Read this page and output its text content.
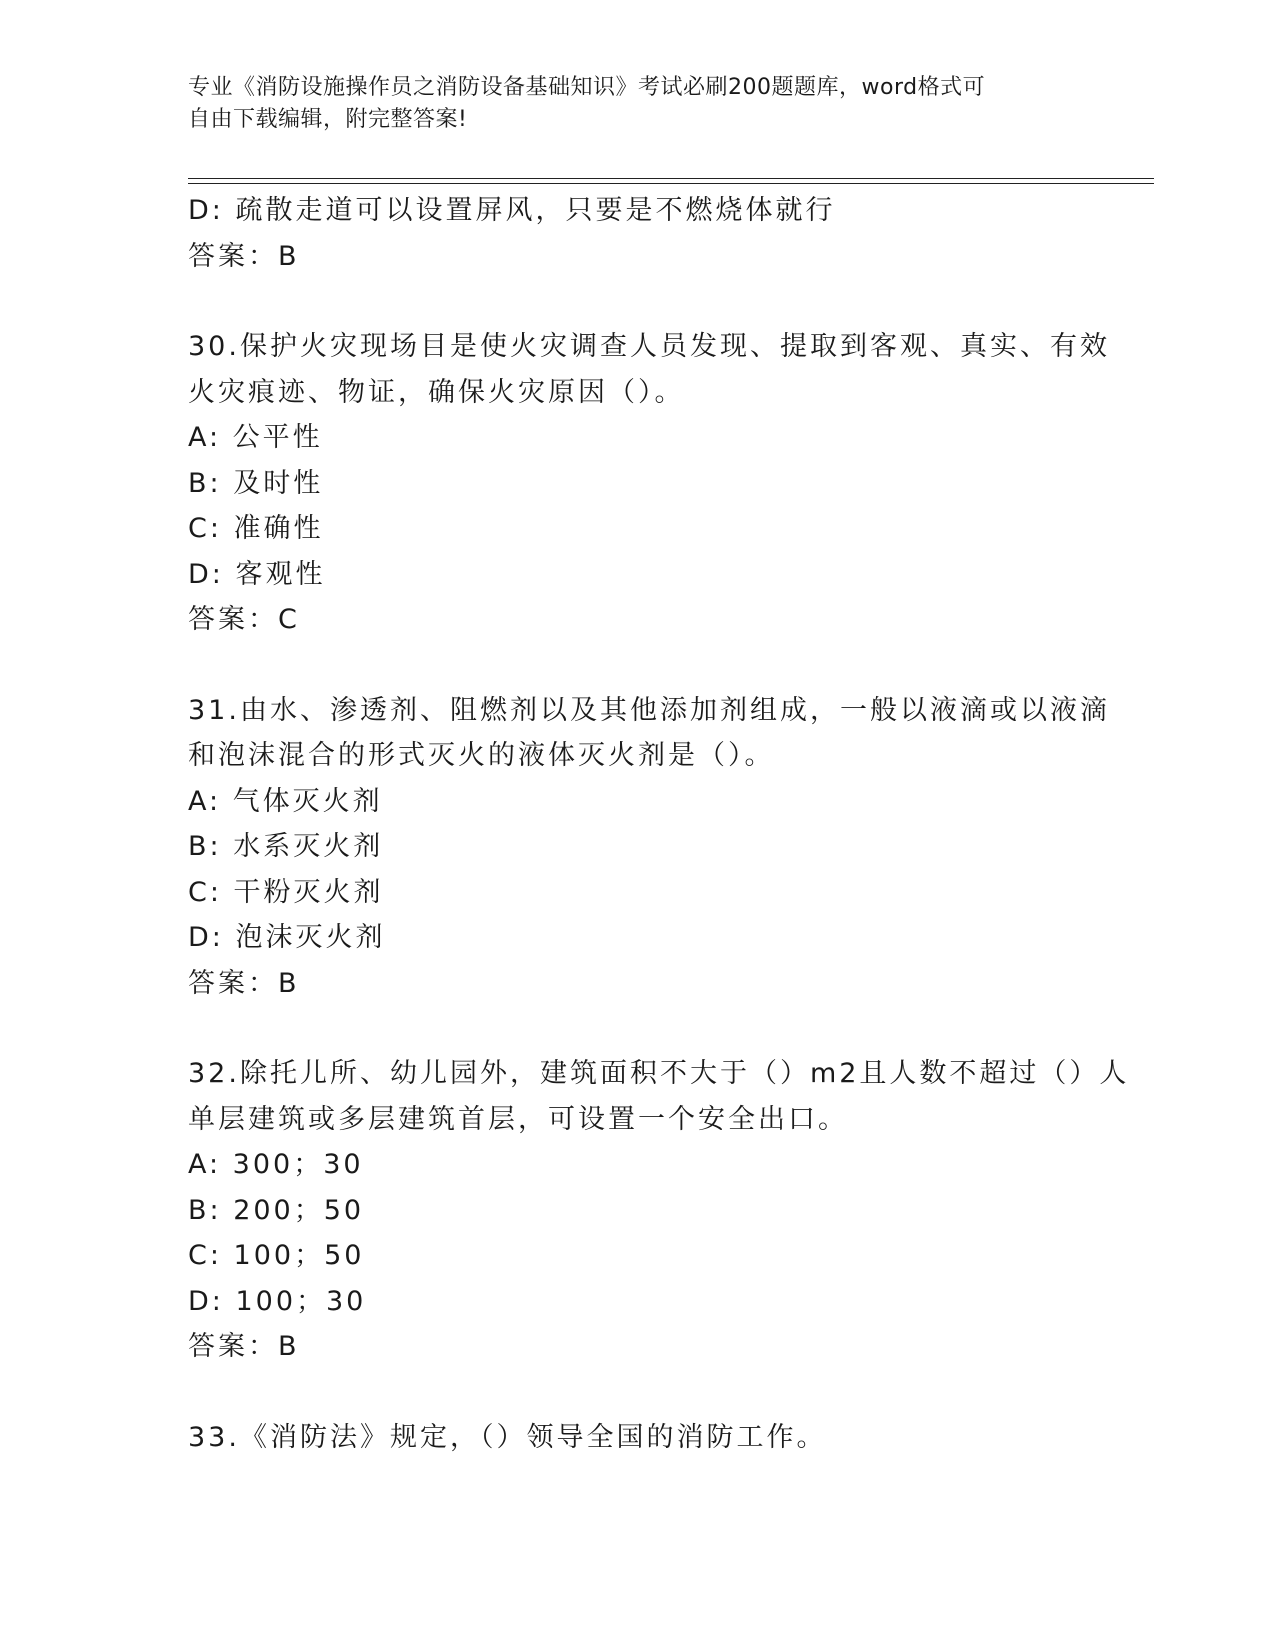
专业《消防设施操作员之消防设备基础知识》考试必刷200题题库，word格式可
自由下载编辑，附完整答案!
D: 疏散走道可以设置屏风，只要是不燃烧体就行
答案：B
30.保护火灾现场目是使火灾调查人员发现、提取到客观、真实、有效
火灾痕迹、物证，确保火灾原因（）。
A: 公平性
B: 及时性
C: 准确性
D: 客观性
答案：C
31.由水、渗透剂、阻燃剂以及其他添加剂组成，一般以液滴或以液滴
和泡沫混合的形式灭火的液体灭火剂是（）。
A: 气体灭火剂
B: 水系灭火剂
C: 干粉灭火剂
D: 泡沫灭火剂
答案：B
32.除托儿所、幼儿园外，建筑面积不大于（）m2且人数不超过（）人
单层建筑或多层建筑首层，可设置一个安全出口。
A: 300；30
B: 200；50
C: 100；50
D: 100；30
答案：B
33.《消防法》规定，（）领导全国的消防工作。
